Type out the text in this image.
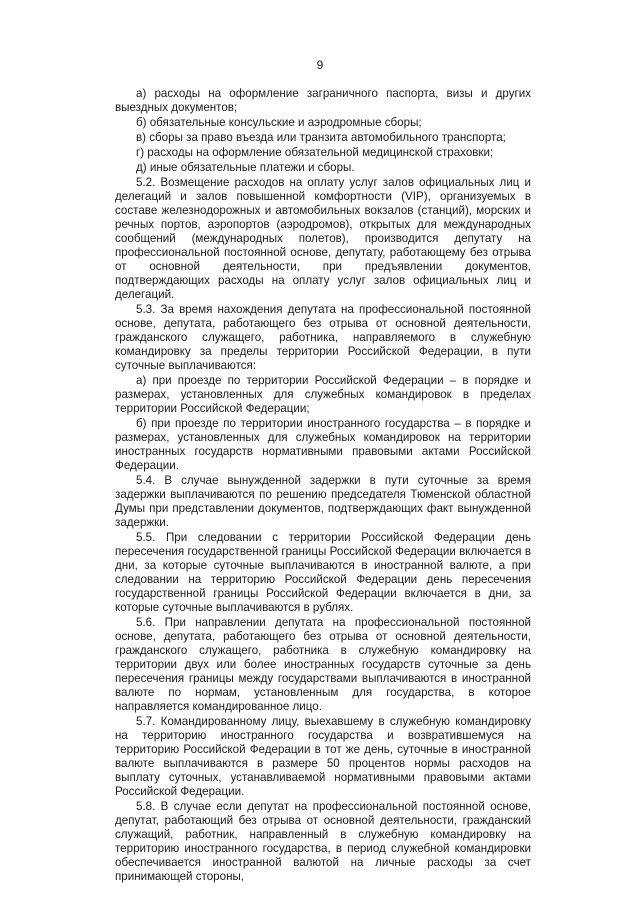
9

а) расходы на оформление заграничного паспорта, визы и других выездных документов;

б) обязательные консульские и аэродромные сборы;

в) сборы за право въезда или транзита автомобильного транспорта;

г) расходы на оформление обязательной медицинской страховки;

д) иные обязательные платежи и сборы.

5.2. Возмещение расходов на оплату услуг залов официальных лиц и делегаций и залов повышенной комфортности (VIP), организуемых в составе железнодорожных и автомобильных вокзалов (станций), морских и речных портов, аэропортов (аэродромов), открытых для международных сообщений (международных полетов), производится депутату на профессиональной постоянной основе, депутату, работающему без отрыва от основной деятельности, при предъявлении документов, подтверждающих расходы на оплату услуг залов официальных лиц и делегаций.

5.3. За время нахождения депутата на профессиональной постоянной основе, депутата, работающего без отрыва от основной деятельности, гражданского служащего, работника, направляемого в служебную командировку за пределы территории Российской Федерации, в пути суточные выплачиваются:

а) при проезде по территории Российской Федерации – в порядке и размерах, установленных для служебных командировок в пределах территории Российской Федерации;

б) при проезде по территории иностранного государства – в порядке и размерах, установленных для служебных командировок на территории иностранных государств нормативными правовыми актами Российской Федерации.

5.4. В случае вынужденной задержки в пути суточные за время задержки выплачиваются по решению председателя Тюменской областной Думы при представлении документов, подтверждающих факт вынужденной задержки.

5.5. При следовании с территории Российской Федерации день пересечения государственной границы Российской Федерации включается в дни, за которые суточные выплачиваются в иностранной валюте, а при следовании на территорию Российской Федерации день пересечения государственной границы Российской Федерации включается в дни, за которые суточные выплачиваются в рублях.

5.6. При направлении депутата на профессиональной постоянной основе, депутата, работающего без отрыва от основной деятельности, гражданского служащего, работника в служебную командировку на территории двух или более иностранных государств суточные за день пересечения границы между государствами выплачиваются в иностранной валюте по нормам, установленным для государства, в которое направляется командированное лицо.

5.7. Командированному лицу, выехавшему в служебную командировку на территорию иностранного государства и возвратившемуся на территорию Российской Федерации в тот же день, суточные в иностранной валюте выплачиваются в размере 50 процентов нормы расходов на выплату суточных, устанавливаемой нормативными правовыми актами Российской Федерации.

5.8. В случае если депутат на профессиональной постоянной основе, депутат, работающий без отрыва от основной деятельности, гражданский служащий, работник, направленный в служебную командировку на территорию иностранного государства, в период служебной командировки обеспечивается иностранной валютой на личные расходы за счет принимающей стороны,
